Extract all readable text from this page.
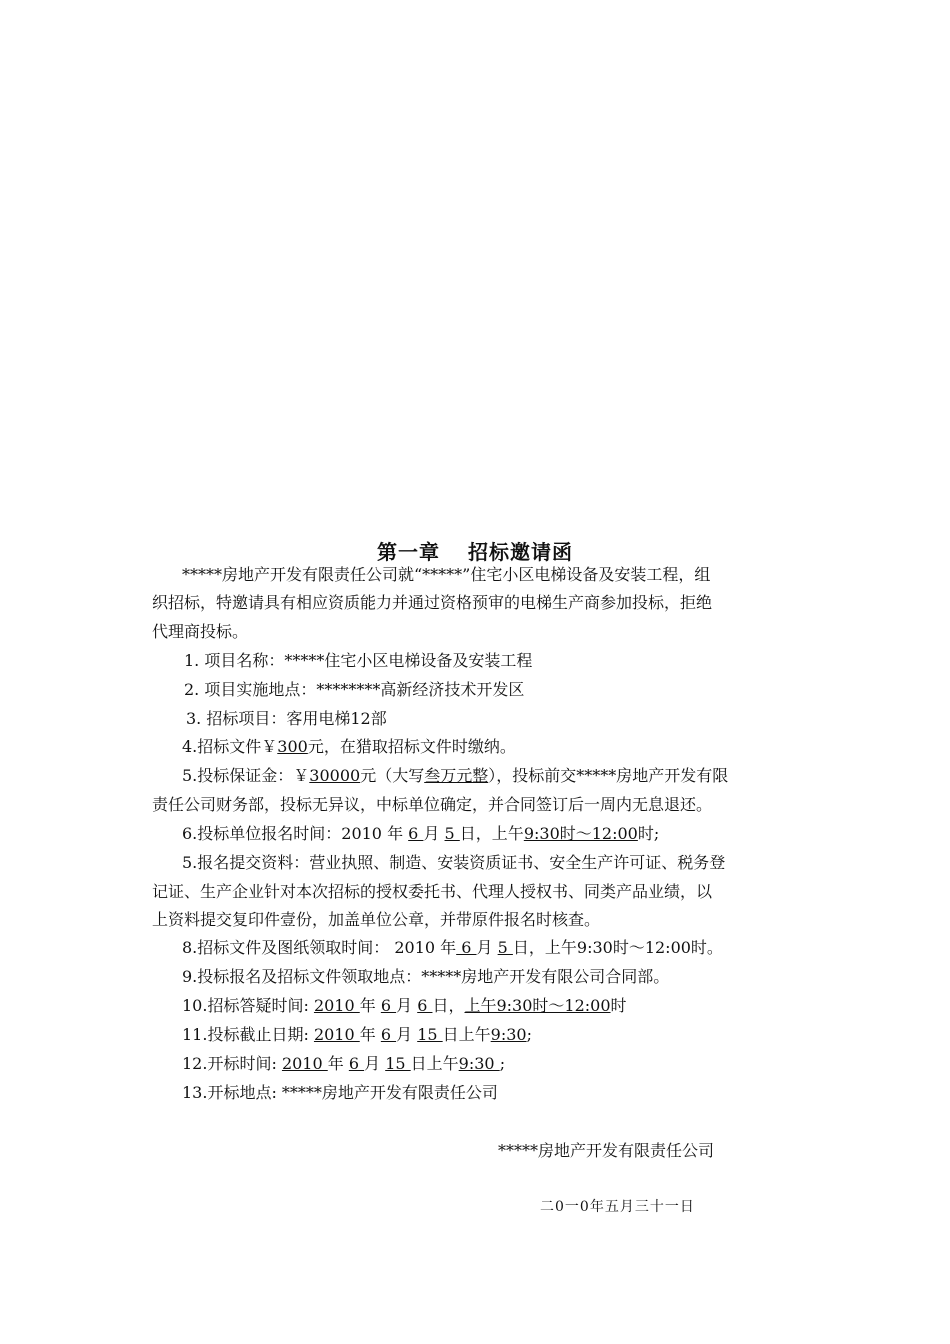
第一章 招标邀请函
*****房地产开发有限责任公司就“*****”住宅小区电梯设备及安装工程，组
织招标，特邀请具有相应资质能力并通过资格预审的电梯生产商参加投标，拒绝
代理商投标。
1. 项目名称：*****住宅小区电梯设备及安装工程
2. 项目实施地点：********高新经济技术开发区
3. 招标项目：客用电梯12部
4.招标文件￥300元，在猎取招标文件时缴纳。
5.投标保证金：￥30000元（大写叁万元整），投标前交*****房地产开发有限
责任公司财务部，投标无异议，中标单位确定，并合同签订后一周内无息退还。
6.投标单位报名时间：2010 年 6 月 5 日，上午9:30时～12:00时;
5.报名提交资料：营业执照、制造、安装资质证书、安全生产许可证、税务登
记证、生产企业针对本次招标的授权委托书、代理人授权书、同类产品业绩，以
上资料提交复印件壹份，加盖单位公章，并带原件报名时核查。
8.招标文件及图纸领取时间： 2010 年 6 月 5 日，上午9:30时～12:00时。
9.投标报名及招标文件领取地点：*****房地产开发有限公司合同部。
10.招标答疑时间: 2010 年 6 月 6 日，上午9:30时～12:00时
11.投标截止日期: 2010 年 6 月 15 日上午9:30;
12.开标时间: 2010 年 6 月 15 日上午9:30 ;
13.开标地点: *****房地产开发有限责任公司
*****房地产开发有限责任公司
二0一0年五月三十一日
